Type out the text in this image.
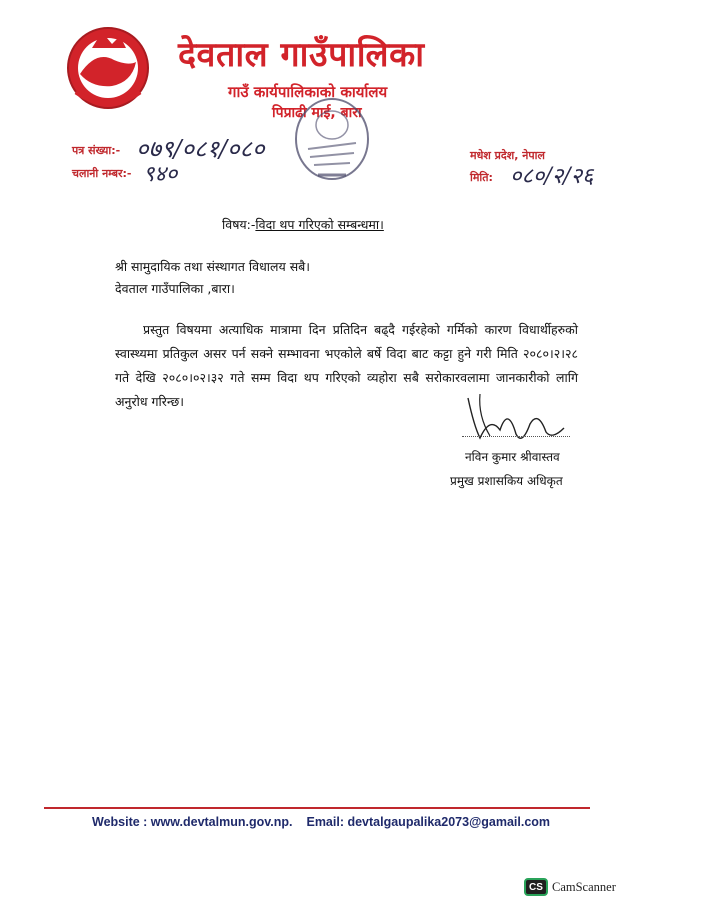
देवताल गाउँपालिका
गाउँ कार्यपालिकाको कार्यालय
पिप्राढी माई, बारा
पत्र संख्या:- ०७९/०८१/०८०
चलानी नम्बर:- ९४०
मधेश प्रदेश, नेपाल
मिति: ०८०/२/२६
विषय:-विदा थप गरिएको सम्बन्धमा।
श्री सामुदायिक तथा संस्थागत विधालय सबै।
देवताल गाउँपालिका ,बारा।
प्रस्तुत विषयमा अत्याधिक मात्रामा दिन प्रतिदिन बढ्दै गईरहेको गर्मिको कारण विधार्थीहरुको स्वास्थ्यमा प्रतिकुल असर पर्न सक्ने सम्भावना भएकोले बर्षे विदा बाट कट्टा हुने गरी मिति २०८०।२।२८ गते देखि २०८०।०२।३२ गते सम्म विदा थप गरिएको व्यहोरा सबै सरोकारवलामा जानकारीको लागि अनुरोध गरिन्छ।
नविन कुमार श्रीवास्तव
प्रमुख प्रशासकिय अधिकृत
Website : www.devtalmun.gov.np. Email: devtalgaupalika2073@gamail.com
CS CamScanner
